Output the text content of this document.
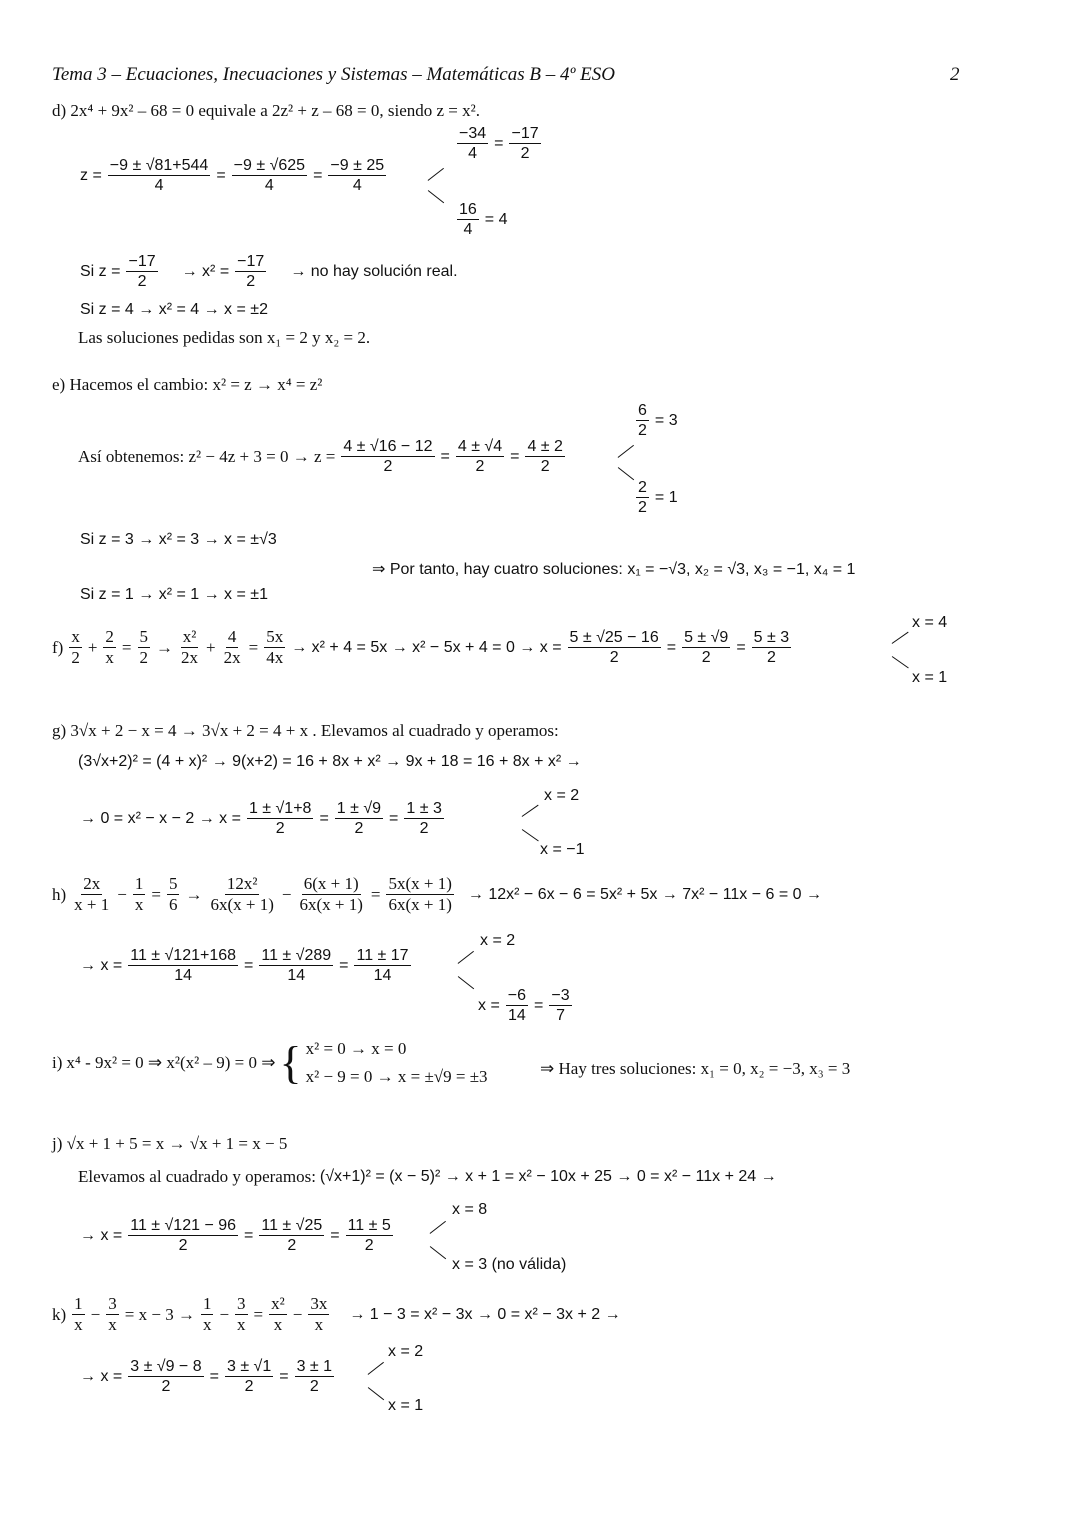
Tema 3 – Ecuaciones, Inecuaciones y Sistemas – Matemáticas B – 4º ESO	2
d) 2x⁴ + 9x² – 68 = 0 equivale a 2z² + z – 68 = 0, siendo z = x².
$z = \frac{-9 \pm √81+544}{4} = \frac{-9 \pm √625}{4} = \frac{-9 \pm 25}{4}$
$\frac{-34}{4} = \frac{-17}{2}$
$\frac{16}{4} = 4$
Si $z = \frac{-17}{2} \to x^2 = \frac{-17}{2}$ → no hay solución real.
Si z = 4 → x² = 4 → x = ±2
Las soluciones pedidas son x₁ = 2 y x₂ = 2.
e) Hacemos el cambio: x² = z → x⁴ = z²
Así obtenemos: $z^2 - 4z + 3 = 0 \to z = \frac{4 \pm √16 - 12}{2} = \frac{4 \pm √4}{2} = \frac{4 \pm 2}{2}$
$\frac{6}{2} = 3$
$\frac{2}{2} = 1$
Si z = 3 → x² = 3 → x = ±√3
⇒ Por tanto, hay cuatro soluciones: x₁ = −√3, x₂ = √3, x₃ = −1, x₄ = 1
Si z = 1 → x² = 1 → x = ±1
$f) \frac{x}{2} + \frac{2}{x} = \frac{5}{2} \to \frac{\text{x²}}{2x} + \frac{4}{2x} = \frac{5x}{4x} \to x^2 + 4 = 5x \to x^2 - 5x + 4 = 0 \to x = \frac{5 \pm √25 - 16}{2} = \frac{5 \pm √9}{2} = \frac{5 \pm 3}{2}$
x = 4
x = 1
g) 3√x + 2 − x = 4 → 3√x + 2 = 4 + x . Elevamos al cuadrado y operamos:
(3√x+2)² = (4 + x)² → 9(x+2) = 16 + 8x + x² → 9x + 18 = 16 + 8x + x² →
→ $0 = x^2 - x - 2 \to x = \frac{1 \pm √1+8}{2} = \frac{1 \pm √9}{2} = \frac{1 \pm 3}{2}$
x = 2
x = −1
$h) \frac{2x}{x + 1} - \frac{1}{x} = \frac{5}{6} \to \frac{\text{12x²}}{6x(x + 1)} - \frac{6(x + 1)}{6x(x + 1)} = \frac{5x(x + 1)}{6x(x + 1)} \to 12x^2 - 6x - 6 = 5x^2 + 5x \to 7x^2 - 11x - 6 = 0$ →
→ $x = \frac{11 \pm √121+168}{14} = \frac{11 \pm √289}{14} = \frac{11 \pm 17}{14}$
x = 2
$x = \frac{-6}{14} = \frac{-3}{7}$
i) x⁴ - 9x² = 0 ⇒ x²(x² – 9) = 0 ⇒ { x² = 0 → x = 0
x² − 9 = 0 → x = ±√9 = ±3	⇒ Hay tres soluciones: x₁ = 0, x₂ = −3, x₃ = 3
j) √x + 1 + 5 = x → √x + 1 = x − 5
Elevamos al cuadrado y operamos: (√x+1)² = (x − 5)² → x + 1 = x² − 10x + 25 → 0 = x² − 11x + 24 →
→ $x = \frac{11 \pm √121 - 96}{2} = \frac{11 \pm √25}{2} = \frac{11 \pm 5}{2}$
x = 8
x = 3 (no válida)
$k) \frac{1}{x} - \frac{3}{x} = x - 3 \to \frac{1}{x} - \frac{3}{x} = \frac{\text{x²}}{x} - \frac{3x}{x} \to 1 - 3 = x^2 - 3x \to 0 = x^2 - 3x + 2$ →
→ $x = \frac{3 \pm √9 - 8}{2} = \frac{3 \pm √1}{2} = \frac{3 \pm 1}{2}$
x = 2
x = 1
